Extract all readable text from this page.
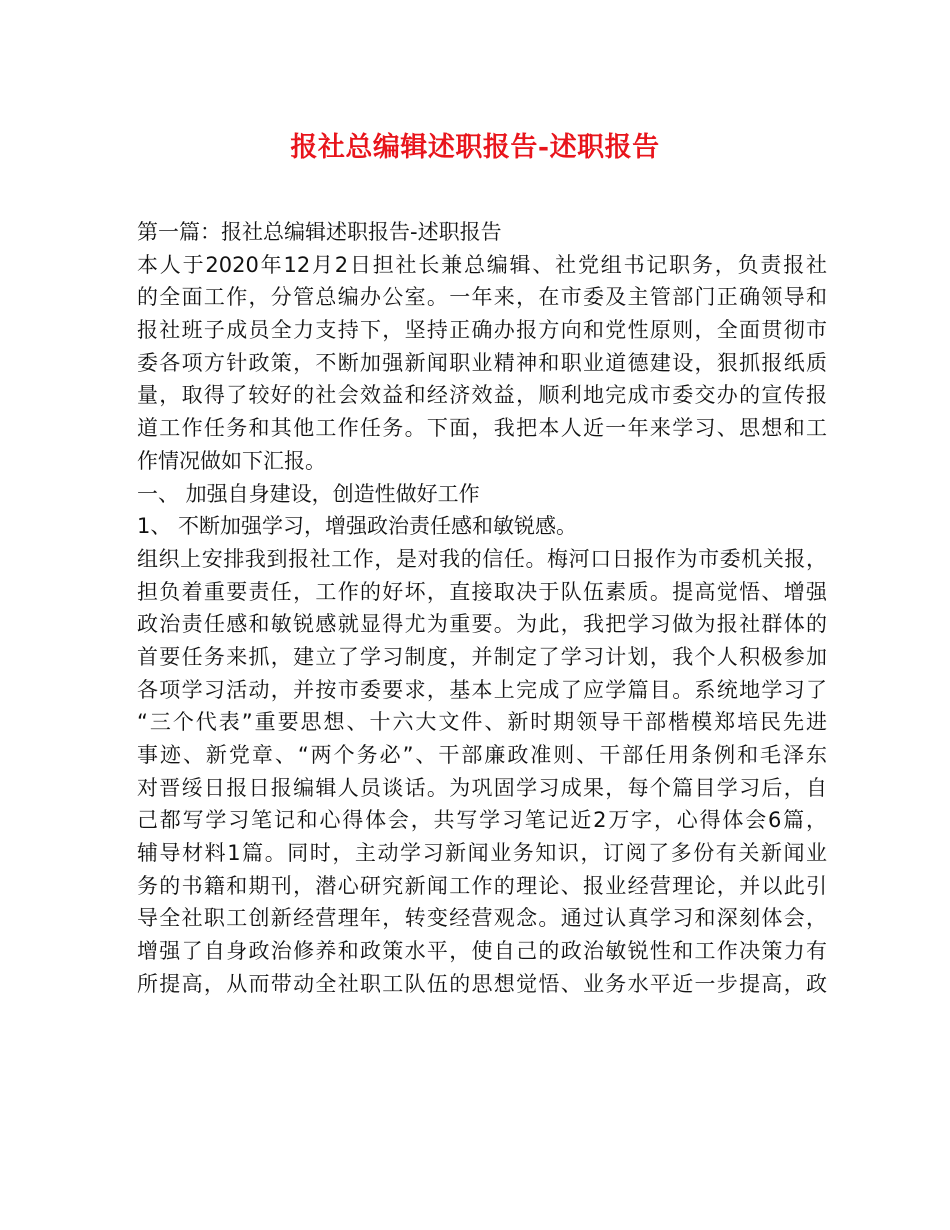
报社总编辑述职报告-述职报告
第一篇：报社总编辑述职报告-述职报告
本人于2020年12月2日担社长兼总编辑、社党组书记职务，负责报社
的全面工作，分管总编办公室。一年来，在市委及主管部门正确领导和
报社班子成员全力支持下，坚持正确办报方向和党性原则，全面贯彻市
委各项方针政策，不断加强新闻职业精神和职业道德建设，狠抓报纸质
量，取得了较好的社会效益和经济效益，顺利地完成市委交办的宣传报
道工作任务和其他工作任务。下面，我把本人近一年来学习、思想和工
作情况做如下汇报。
一、 加强自身建设，创造性做好工作
1、 不断加强学习，增强政治责任感和敏锐感。
组织上安排我到报社工作，是对我的信任。梅河口日报作为市委机关报，
担负着重要责任，工作的好坏，直接取决于队伍素质。提高觉悟、增强
政治责任感和敏锐感就显得尤为重要。为此，我把学习做为报社群体的
首要任务来抓，建立了学习制度，并制定了学习计划，我个人积极参加
各项学习活动，并按市委要求，基本上完成了应学篇目。系统地学习了
“三个代表”重要思想、十六大文件、新时期领导干部楷模郑培民先进
事迹、新党章、“两个务必”、干部廉政准则、干部任用条例和毛泽东
对晋绥日报日报编辑人员谈话。为巩固学习成果，每个篇目学习后，自
己都写学习笔记和心得体会，共写学习笔记近2万字，心得体会6篇，
辅导材料1篇。同时，主动学习新闻业务知识，订阅了多份有关新闻业
务的书籍和期刊，潜心研究新闻工作的理论、报业经营理论，并以此引
导全社职工创新经营理年，转变经营观念。通过认真学习和深刻体会，
增强了自身政治修养和政策水平，使自己的政治敏锐性和工作决策力有
所提高，从而带动全社职工队伍的思想觉悟、业务水平近一步提高，政
